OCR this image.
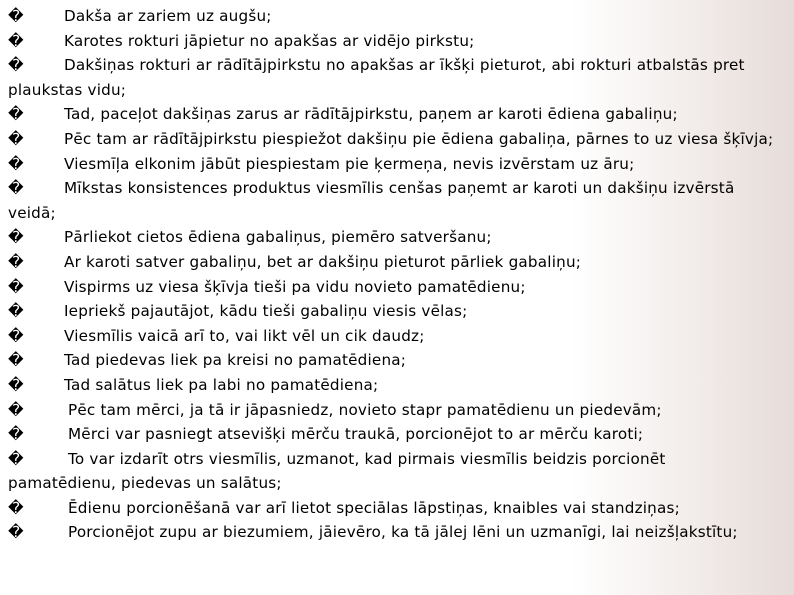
�	Dakša ar zariem uz augšu;

�	Karotes rokturi jāpietur no apakšas ar vidējo pirkstu;

�	Dakšiņas rokturi ar rādītājpirkstu no apakšas ar īkšķi pieturot, abi rokturi atbalstās pret plaukstas vidu;

�	Tad, paceļot dakšiņas zarus ar rādītājpirkstu, paņem ar karoti ēdiena gabaliņu;

�	Pēc tam ar rādītājpirkstu piespiežot dakšiņu pie ēdiena gabaliņa, pārnes to uz viesa šķīvja;

�	Viesmīļa elkonim jābūt piespiestam pie ķermeņa, nevis izvērstam uz āru;

�	Mīkstas konsistences produktus viesmīlis cenšas paņemt ar karoti un dakšiņu izvērstā veidā;

�	Pārliekot cietos ēdiena gabaliņus, piemēro satveršanu;

�	Ar karoti satver gabaliņu, bet ar dakšiņu pieturot pārliek gabaliņu;

�	Vispirms uz viesa šķīvja tieši pa vidu novieto pamatēdienu;

�	Iepriekš pajautājot, kādu tieši gabaliņu viesis vēlas;

�	Viesmīlis vaicā arī to, vai likt vēl un cik daudz;

�	Tad piedevas liek pa kreisi no pamatēdiena;

�	Tad salātus liek pa labi no pamatēdiena;

�	Pēc tam mērci, ja tā ir jāpasniedz, novieto stapr pamatēdienu un piedevām;

�	Mērci var pasniegt atsevišķi mērču traukā, porcionējot to ar mērču karoti;

�	To var izdarīt otrs viesmīlis, uzmanot, kad pirmais viesmīlis beidzis porcionēt pamatēdienu, piedevas un salātus;

�	Ēdienu porcionēšanā var arī lietot speciālas lāpstiņas, knaibles vai standziņas;

�	Porcionējot zupu ar biezumiem, jāievēro, ka tā jālej lēni un uzmanīgi, lai neizšļakstītu;
